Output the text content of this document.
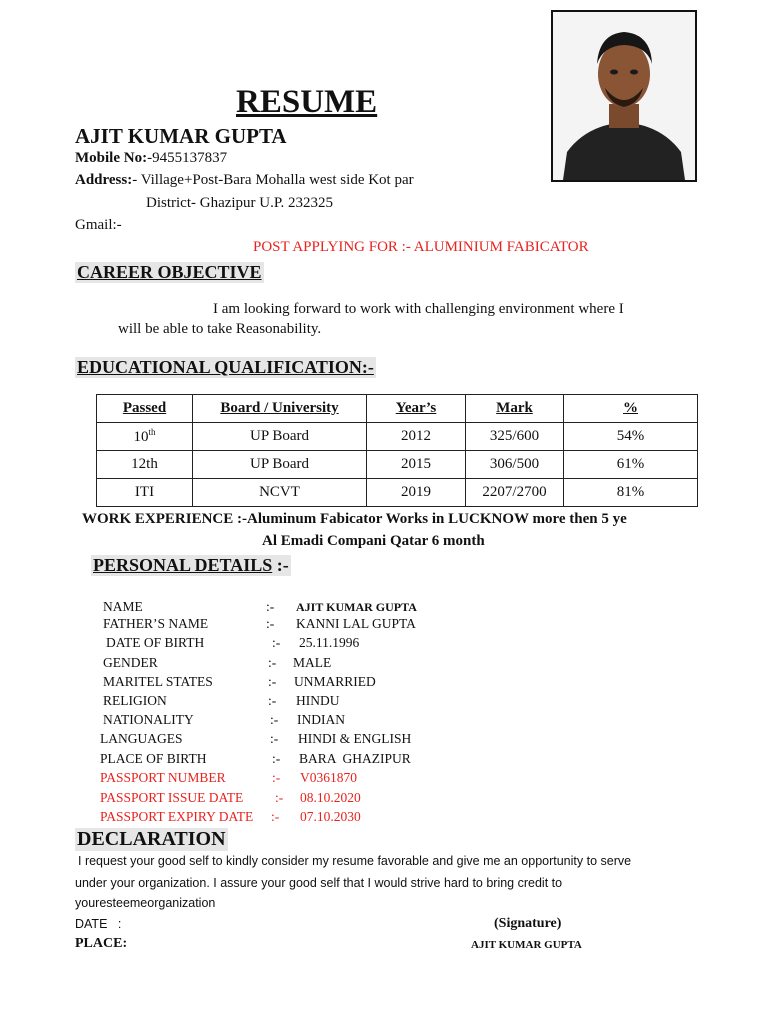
RESUME
AJIT KUMAR GUPTA
Mobile No:-9455137837
Address:- Village+Post-Bara Mohalla west side Kot par
District- Ghazipur U.P. 232325
Gmail:-
POST APPLYING FOR :- ALUMINIUM FABICATOR
CAREER OBJECTIVE
I am looking forward to work with challenging environment where I
will be able to take Reasonability.
EDUCATIONAL QUALIFICATION:-
Passed	Board / University	Year’s	Mark	%
10th	UP Board	2012	325/600	54%
12th	UP Board	2015	306/500	61%
ITI	NCVT	2019	2207/2700	81%
WORK EXPERIENCE :-Aluminum Fabicator Works in LUCKNOW more then 5 ye
Al Emadi Compani Qatar 6 month
PERSONAL DETAILS :-
NAME	:- AJIT KUMAR GUPTA
FATHER’S NAME	:- KANNI LAL GUPTA
DATE OF BIRTH	:- 25.11.1996
GENDER	:- MALE
MARITEL STATES	:- UNMARRIED
RELIGION	:- HINDU
NATIONALITY	:- INDIAN
LANGUAGES	:- HINDI & ENGLISH
PLACE OF BIRTH	:- BARA  GHAZIPUR
PASSPORT NUMBER	:- V0361870
PASSPORT ISSUE DATE :- 08.10.2020
PASSPORT EXPIRY DATE :- 07.10.2030
DECLARATION
I request your good self to kindly consider my resume favorable and give me an opportunity to serve
under your organization. I assure your good self that I would strive hard to bring credit to
youresteemeorganization
DATE   :	(Signature)
PLACE:	AJIT KUMAR GUPTA
